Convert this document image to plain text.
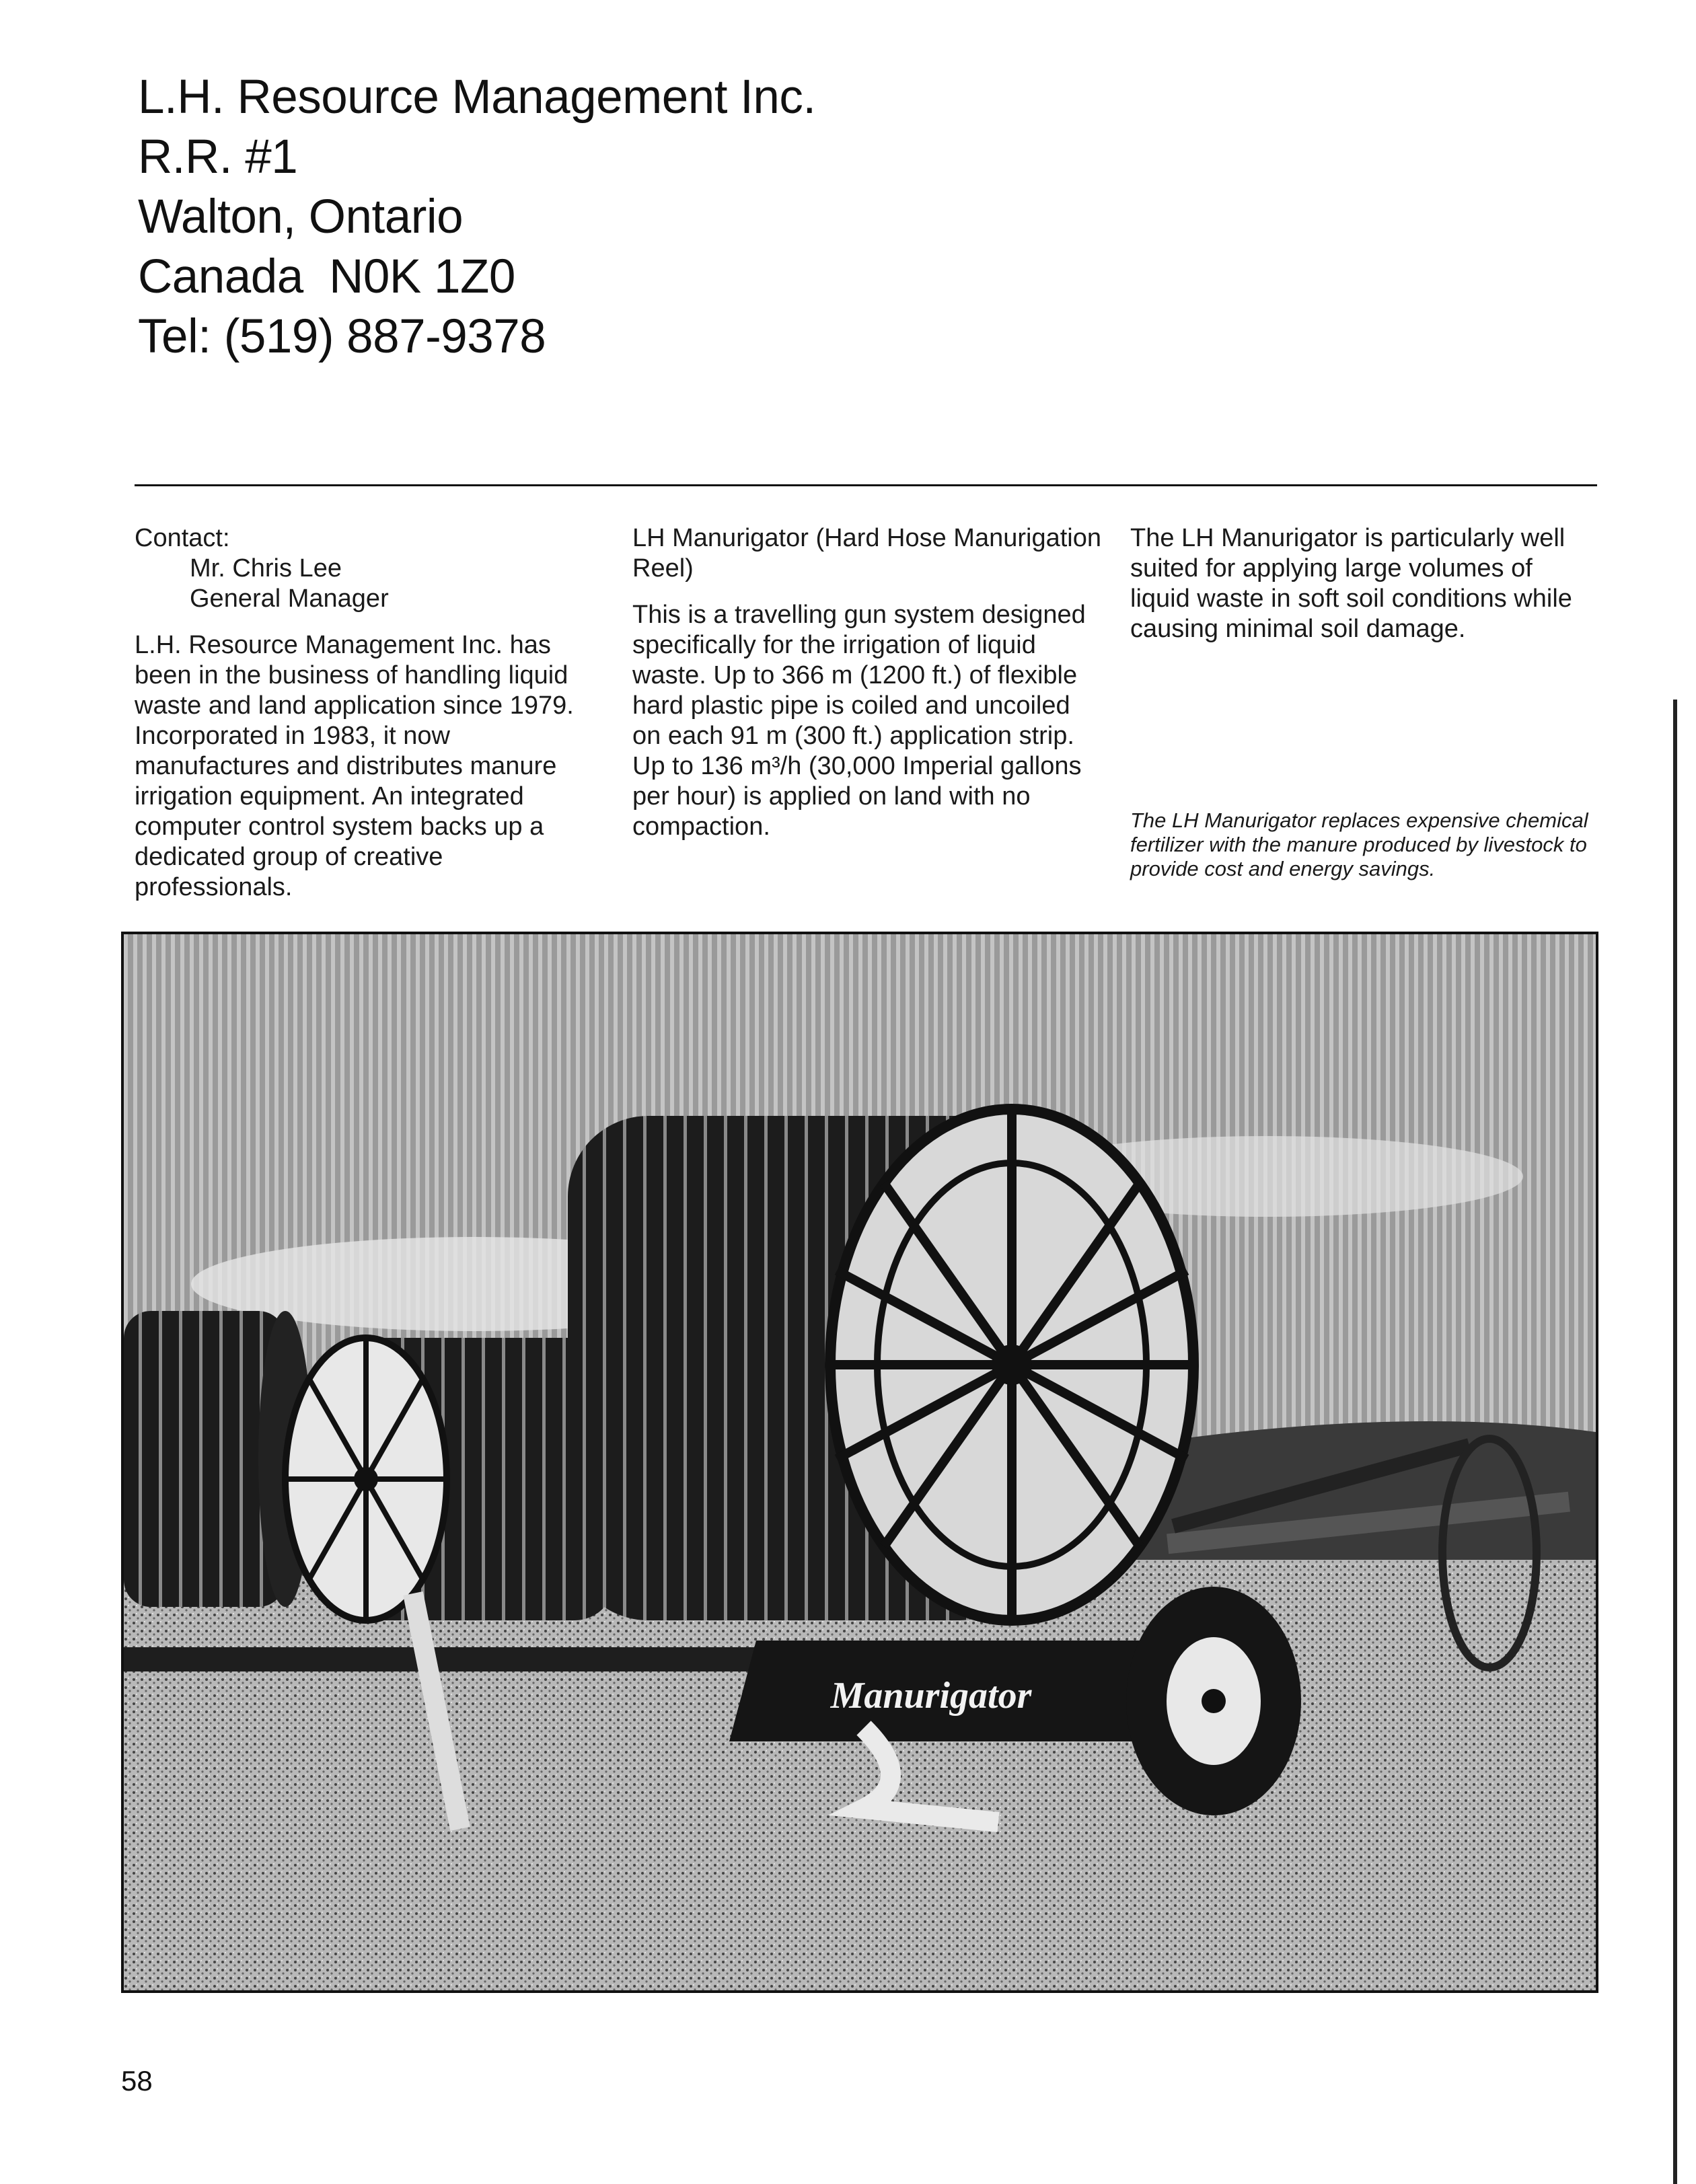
L.H. Resource Management Inc.
R.R. #1
Walton, Ontario
Canada  N0K 1Z0
Tel: (519) 887-9378

Contact:

Mr. Chris Lee

General Manager

L.H. Resource Management Inc. has been in the business of handling liquid waste and land application since 1979. Incorporated in 1983, it now manufactures and distributes manure irrigation equipment. An integrated computer control system backs up a dedicated group of creative professionals.

LH Manurigator (Hard Hose Manurigation Reel)

This is a travelling gun system designed specifically for the irrigation of liquid waste. Up to 366 m (1200 ft.) of flexible hard plastic pipe is coiled and uncoiled on each 91 m (300 ft.) application strip. Up to 136 m³/h (30,000 Imperial gallons per hour) is applied on land with no compaction.

The LH Manurigator is particularly well suited for applying large volumes of liquid waste in soft soil conditions while causing minimal soil damage.

The LH Manurigator replaces expensive chemical fertilizer with the manure produced by livestock to provide cost and energy savings.
Manurigator
58
